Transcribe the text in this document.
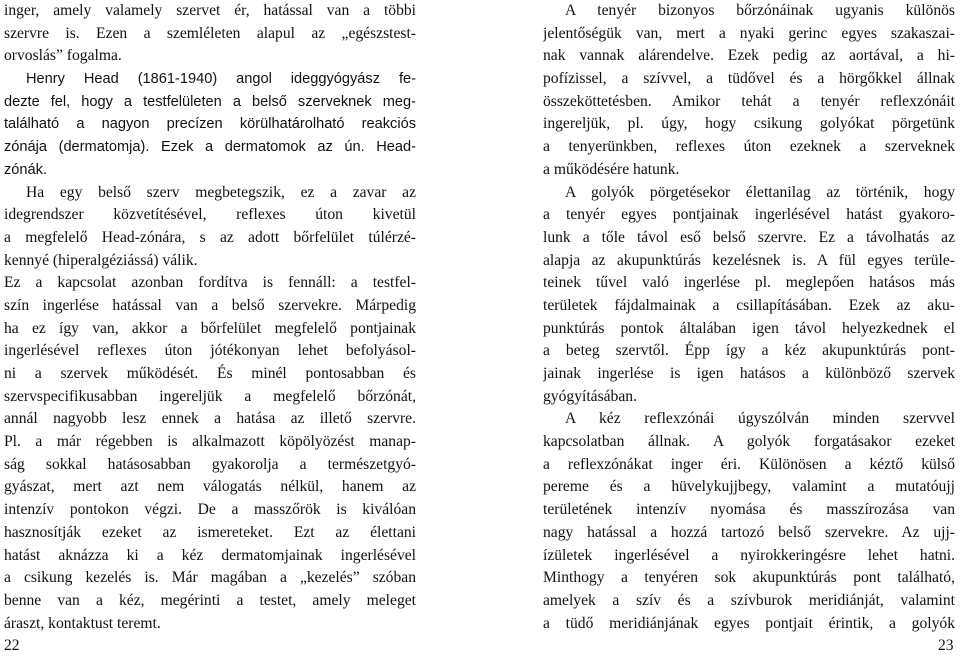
inger, amely valamely szervet ér, hatással van a többi
szervre is. Ezen a szemléleten alapul az „egészstest-
orvoslás” fogalma.
Henry Head (1861-1940) angol ideggyógyász fe-
dezte fel, hogy a testfelületen a belső szerveknek meg-
található a nagyon precízen körülhatárolható reakciós
zónája (dermatomja). Ezek a dermatomok az ún. Head-
zónák.
Ha egy belső szerv megbetegszik, ez a zavar az
idegrendszer közvetítésével, reflexes úton kivetül
a megfelelő Head-zónára, s az adott bőrfelület túlérzé-
kennyé (hiperalgéziássá) válik.
Ez a kapcsolat azonban fordítva is fennáll: a testfel-
szín ingerlése hatással van a belső szervekre. Márpedig
ha ez így van, akkor a bőrfelület megfelelő pontjainak
ingerlésével reflexes úton jótékonyan lehet befolyásol-
ni a szervek működését. És minél pontosabban és
szervspecifikusabban ingereljük a megfelelő bőrzónát,
annál nagyobb lesz ennek a hatása az illető szervre.
Pl. a már régebben is alkalmazott köpölyözést manap-
ság sokkal hatásosabban gyakorolja a természetgyó-
gyászat, mert azt nem válogatás nélkül, hanem az
intenzív pontokon végzi. De a masszőrök is kiválóan
hasznosítják ezeket az ismereteket. Ezt az élettani
hatást aknázza ki a kéz dermatomjainak ingerlésével
a csikung kezelés is. Már magában a „kezelés” szóban
benne van a kéz, megérinti a testet, amely meleget
áraszt, kontaktust teremt.
A tenyér bizonyos bőrzónáinak ugyanis különös
jelentőségük van, mert a nyaki gerinc egyes szakaszai-
nak vannak alárendelve. Ezek pedig az aortával, a hi-
pofízissel, a szívvel, a tüdővel és a hörgőkkel állnak
összeköttetésben. Amikor tehát a tenyér reflexzónáit
ingereljük, pl. úgy, hogy csikung golyókat pörgetünk
a tenyerünkben, reflexes úton ezeknek a szerveknek
a működésére hatunk.
A golyók pörgetésekor élettanilag az történik, hogy
a tenyér egyes pontjainak ingerlésével hatást gyakoro-
lunk a tőle távol eső belső szervre. Ez a távolhatás az
alapja az akupunktúrás kezelésnek is. A fül egyes terüle-
teinek tűvel való ingerlése pl. meglepően hatásos más
területek fájdalmainak a csillapításában. Ezek az aku-
punktúrás pontok általában igen távol helyezkednek el
a beteg szervtől. Épp így a kéz akupunktúrás pont-
jainak ingerlése is igen hatásos a különböző szervek
gyógyításában.
A kéz reflexzónái úgyszólván minden szervvel
kapcsolatban állnak. A golyók forgatásakor ezeket
a reflexzónákat inger éri. Különösen a kéztő külső
pereme és a hüvelykujjbegy, valamint a mutatóujj
területének intenzív nyomása és masszírozása van
nagy hatással a hozzá tartozó belső szervekre. Az ujj-
ízületek ingerlésével a nyirokkeringésre lehet hatni.
Minthogy a tenyéren sok akupunktúrás pont található,
amelyek a szív és a szívburok meridiánját, valamint
a tüdő meridiánjának egyes pontjait érintik, a golyók
22	23
